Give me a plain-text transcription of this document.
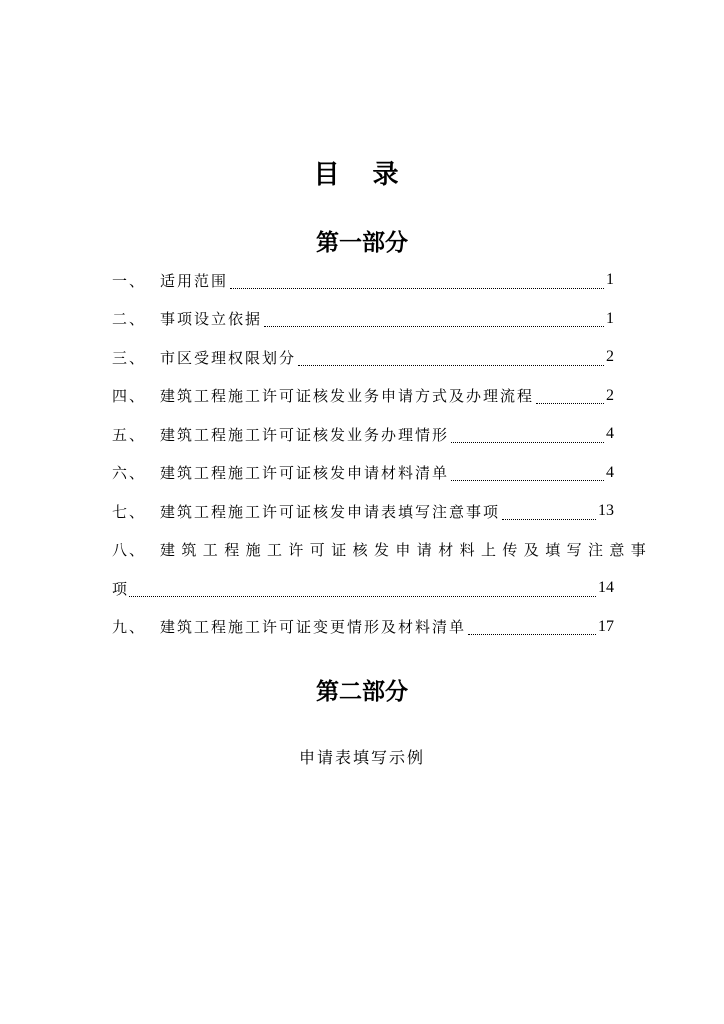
目 录
第一部分
一、 适用范围	1
二、 事项设立依据	1
三、 市区受理权限划分	2
四、 建筑工程施工许可证核发业务申请方式及办理流程	2
五、 建筑工程施工许可证核发业务办理情形	4
六、 建筑工程施工许可证核发申请材料清单	4
七、 建筑工程施工许可证核发申请表填写注意事项	13
八、 建筑工程施工许可证核发申请材料上传及填写注意事
项	14
九、 建筑工程施工许可证变更情形及材料清单	17
第二部分
申请表填写示例
